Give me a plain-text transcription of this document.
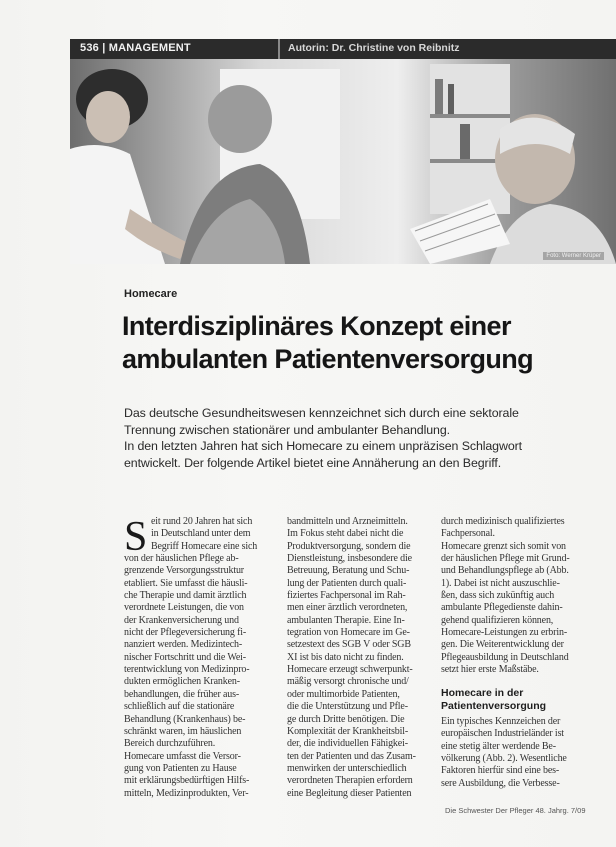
536 | MANAGEMENT	Autorin: Dr. Christine von Reibnitz
Foto: Werner Krüper
Homecare
Interdisziplinäres Konzept einer
ambulanten Patientenversorgung
Das deutsche Gesundheitswesen kennzeichnet sich durch eine sektorale
Trennung zwischen stationärer und ambulanter Behandlung.
In den letzten Jahren hat sich Homecare zu einem unpräzisen Schlagwort
entwickelt. Der folgende Artikel bietet eine Annäherung an den Begriff.
S eit rund 20 Jahren hat sich
in Deutschland unter dem
Begriff Homecare eine sich
von der häuslichen Pflege ab-
grenzende Versorgungsstruktur
etabliert. Sie umfasst die häusli-
che Therapie und damit ärztlich
verordnete Leistungen, die von
der Krankenversicherung und
nicht der Pflegeversicherung fi-
nanziert werden. Medizintech-
nischer Fortschritt und die Wei-
terentwicklung von Medizinpro-
dukten ermöglichen Kranken-
behandlungen, die früher aus-
schließlich auf die stationäre
Behandlung (Krankenhaus) be-
schränkt waren, im häuslichen
Bereich durchzuführen.
Homecare umfasst die Versor-
gung von Patienten zu Hause
mit erklärungsbedürftigen Hilfs-
mitteln, Medizinprodukten, Ver-
bandmitteln und Arzneimitteln.
Im Fokus steht dabei nicht die
Produktversorgung, sondern die
Dienstleistung, insbesondere die
Betreuung, Beratung und Schu-
lung der Patienten durch quali-
fiziertes Fachpersonal im Rah-
men einer ärztlich verordneten,
ambulanten Therapie. Eine In-
tegration von Homecare im Ge-
setzestext des SGB V oder SGB
XI ist bis dato nicht zu finden.
Homecare erzeugt schwerpunkt-
mäßig versorgt chronische und/
oder multimorbide Patienten,
die die Unterstützung und Pfle-
ge durch Dritte benötigen. Die
Komplexität der Krankheitsbil-
der, die individuellen Fähigkei-
ten der Patienten und das Zusam-
menwirken der unterschiedlich
verordneten Therapien erfordern
eine Begleitung dieser Patienten
durch medizinisch qualifiziertes
Fachpersonal.
Homecare grenzt sich somit von
der häuslichen Pflege mit Grund-
und Behandlungspflege ab (Abb.
1). Dabei ist nicht auszuschlie-
ßen, dass sich zukünftig auch
ambulante Pflegedienste dahin-
gehend qualifizieren können,
Homecare-Leistungen zu erbrin-
gen. Die Weiterentwicklung der
Pflegeausbildung in Deutschland
setzt hier erste Maßstäbe.
Homecare in der
Patientenversorgung
Ein typisches Kennzeichen der
europäischen Industrieländer ist
eine stetig älter werdende Be-
völkerung (Abb. 2). Wesentliche
Faktoren hierfür sind eine bes-
sere Ausbildung, die Verbesse-
Die Schwester Der Pfleger 48. Jahrg. 7/09
